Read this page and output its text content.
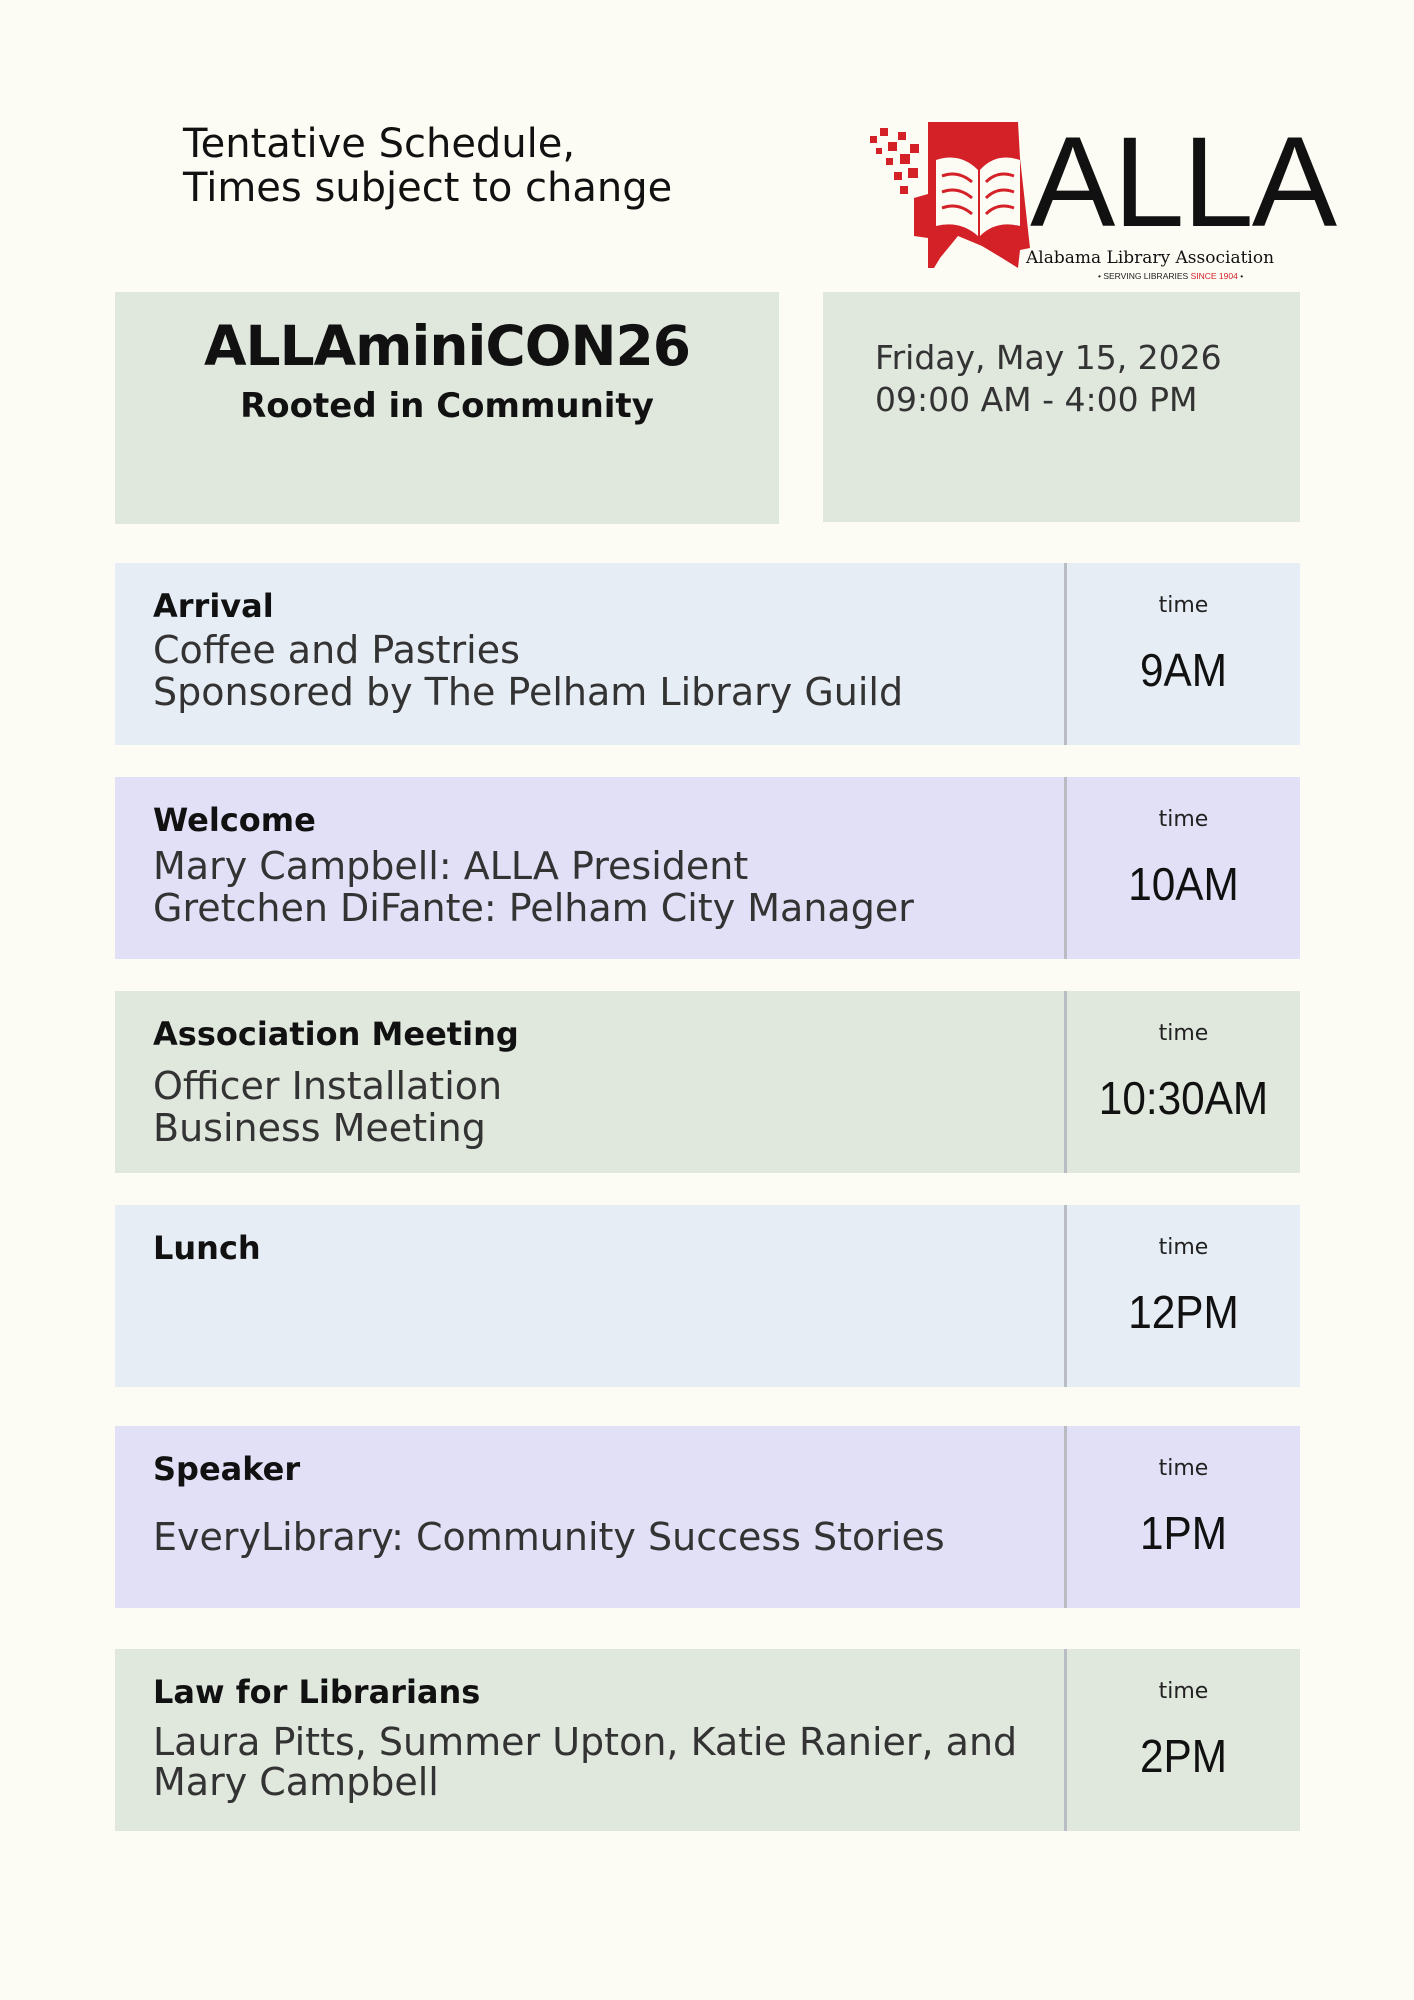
Tentative Schedule,
Times subject to change	ALLA
Alabama Library Association
• SERVING LIBRARIES SINCE 1904 •
ALLAminiCON26
Rooted in Community
Friday, May 15, 2026
09:00 AM - 4:00 PM
Arrival
Coffee and Pastries
Sponsored by The Pelham Library Guild
time
9AM
Welcome
Mary Campbell: ALLA President
Gretchen DiFante: Pelham City Manager
time
10AM
Association Meeting
Officer Installation
Business Meeting
time
10:30AM
Lunch	time
12PM
Speaker
EveryLibrary: Community Success Stories
time
1PM
Law for Librarians
Laura Pitts, Summer Upton, Katie Ranier, and
Mary Campbell
time
2PM
